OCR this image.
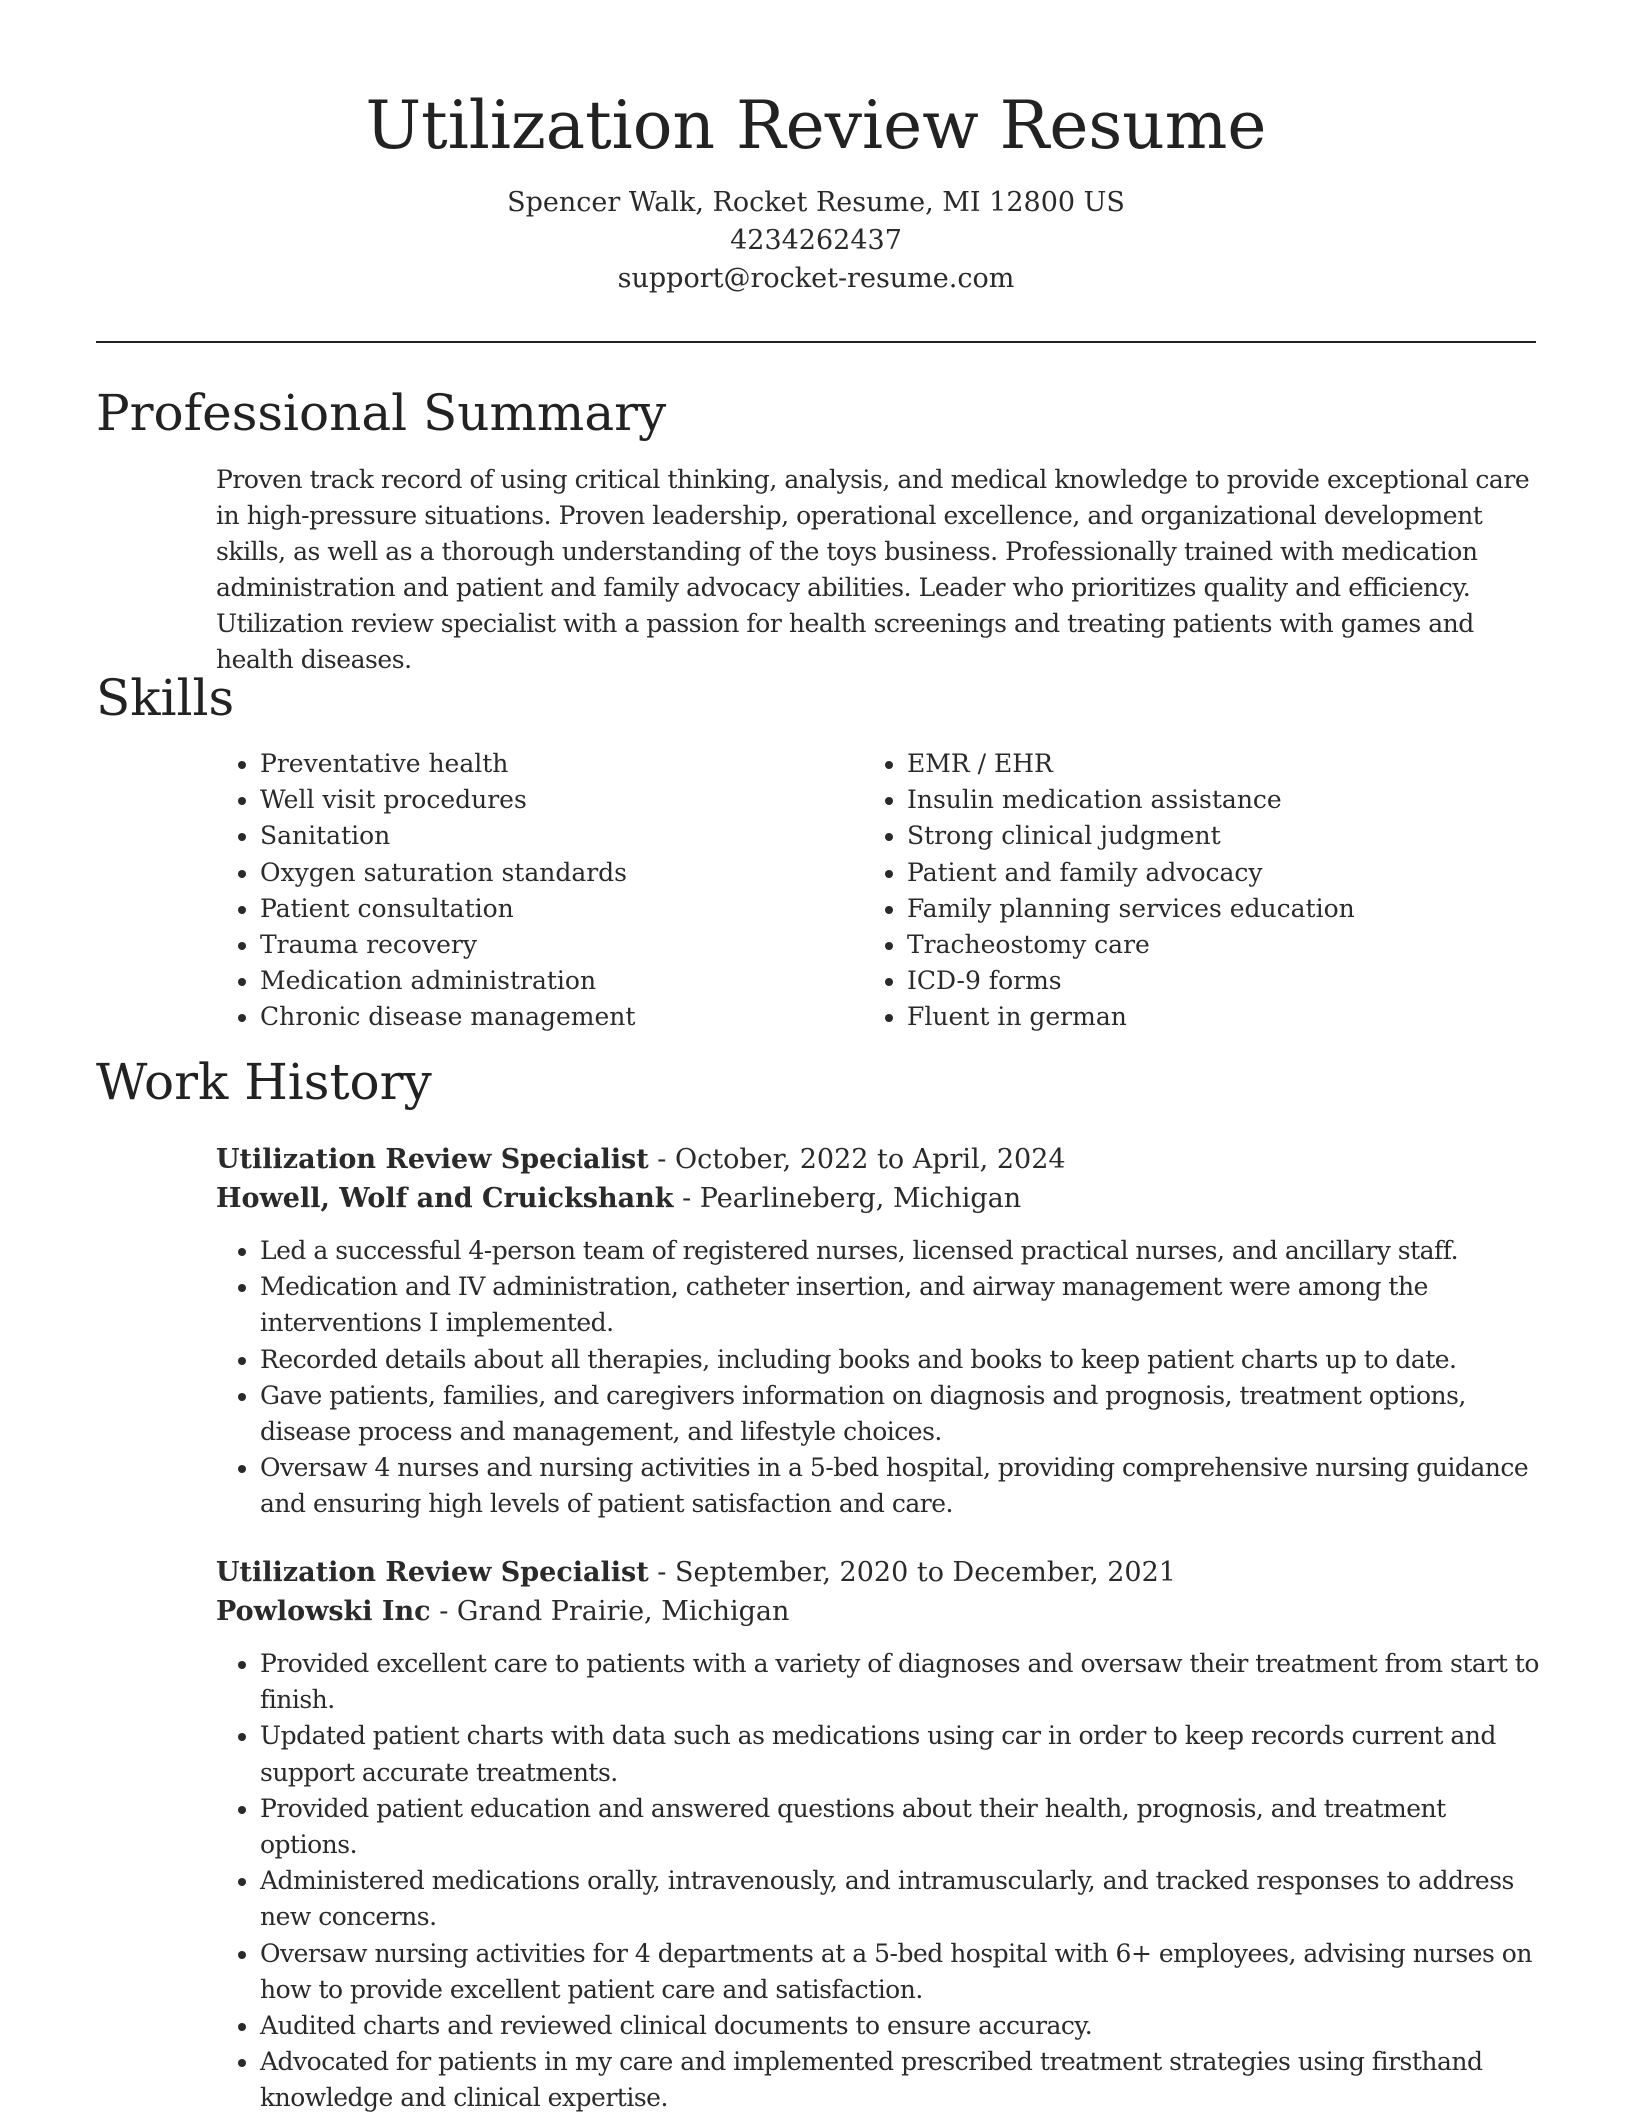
Utilization Review Resume

Spencer Walk, Rocket Resume, MI 12800 US

4234262437

support@rocket-resume.com

Professional Summary

Proven track record of using critical thinking, analysis, and medical knowledge to provide exceptional care in high-pressure situations. Proven leadership, operational excellence, and organizational development skills, as well as a thorough understanding of the toys business. Professionally trained with medication administration and patient and family advocacy abilities. Leader who prioritizes quality and efficiency. Utilization review specialist with a passion for health screenings and treating patients with games and health diseases.

Skills
• Preventative health
• Well visit procedures
• Sanitation
• Oxygen saturation standards
• Patient consultation
• Trauma recovery
• Medication administration
• Chronic disease management
• EMR / EHR
• Insulin medication assistance
• Strong clinical judgment
• Patient and family advocacy
• Family planning services education
• Tracheostomy care
• ICD-9 forms
• Fluent in german
Work History

Utilization Review Specialist - October, 2022 to April, 2024

Howell, Wolf and Cruickshank - Pearlineberg, Michigan

• Led a successful 4-person team of registered nurses, licensed practical nurses, and ancillary staff.
• Medication and IV administration, catheter insertion, and airway management were among the interventions I implemented.
• Recorded details about all therapies, including books and books to keep patient charts up to date.
• Gave patients, families, and caregivers information on diagnosis and prognosis, treatment options, disease process and management, and lifestyle choices.
• Oversaw 4 nurses and nursing activities in a 5-bed hospital, providing comprehensive nursing guidance and ensuring high levels of patient satisfaction and care.

Utilization Review Specialist - September, 2020 to December, 2021

Powlowski Inc - Grand Prairie, Michigan

• Provided excellent care to patients with a variety of diagnoses and oversaw their treatment from start to finish.
• Updated patient charts with data such as medications using car in order to keep records current and support accurate treatments.
• Provided patient education and answered questions about their health, prognosis, and treatment options.
• Administered medications orally, intravenously, and intramuscularly, and tracked responses to address new concerns.
• Oversaw nursing activities for 4 departments at a 5-bed hospital with 6+ employees, advising nurses on how to provide excellent patient care and satisfaction.
• Audited charts and reviewed clinical documents to ensure accuracy.
• Advocated for patients in my care and implemented prescribed treatment strategies using firsthand knowledge and clinical expertise.
